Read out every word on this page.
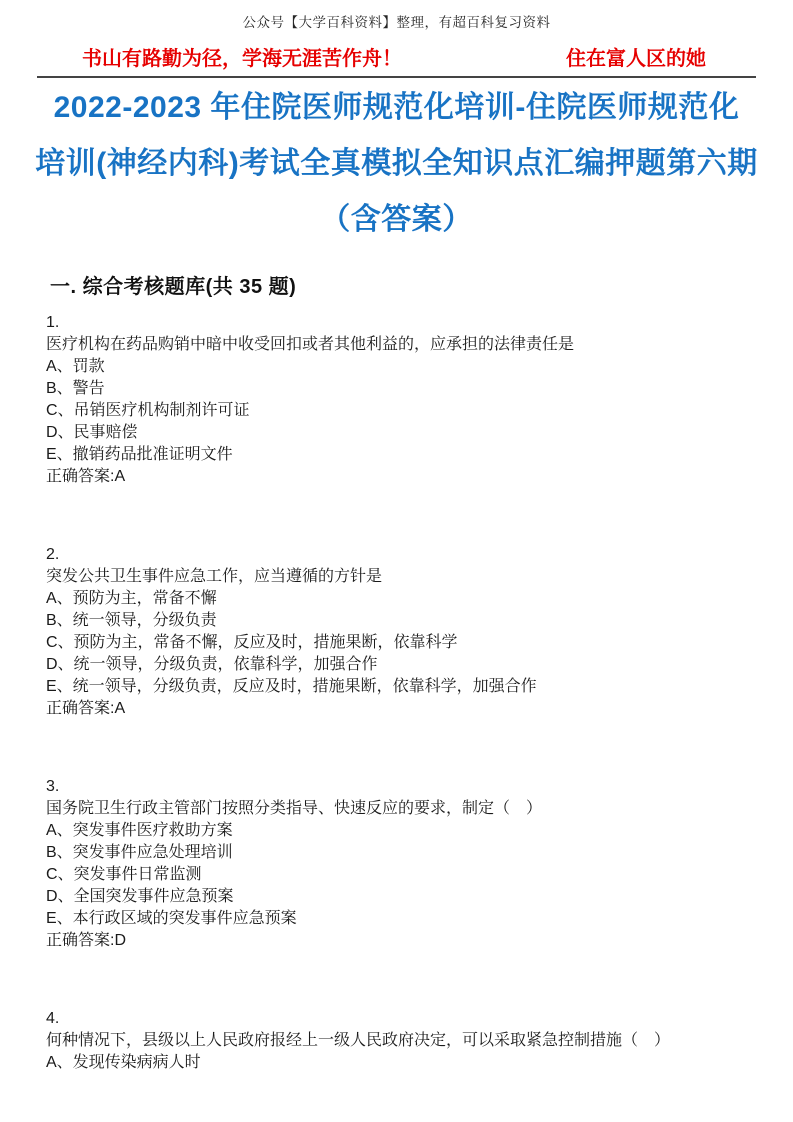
公众号【大学百科资料】整理，有超百科复习资料
书山有路勤为径，学海无涯苦作舟！	住在富人区的她
2022-2023 年住院医师规范化培训-住院医师规范化
培训(神经内科)考试全真模拟全知识点汇编押题第六期
（含答案）
一. 综合考核题库(共 35 题)
1.
医疗机构在药品购销中暗中收受回扣或者其他利益的，应承担的法律责任是
A、罚款
B、警告
C、吊销医疗机构制剂许可证
D、民事赔偿
E、撤销药品批准证明文件
正确答案:A
2.
突发公共卫生事件应急工作，应当遵循的方针是
A、预防为主，常备不懈
B、统一领导，分级负责
C、预防为主，常备不懈，反应及时，措施果断，依靠科学
D、统一领导，分级负责，依靠科学，加强合作
E、统一领导，分级负责，反应及时，措施果断，依靠科学，加强合作
正确答案:A
3.
国务院卫生行政主管部门按照分类指导、快速反应的要求，制定（　）
A、突发事件医疗救助方案
B、突发事件应急处理培训
C、突发事件日常监测
D、全国突发事件应急预案
E、本行政区域的突发事件应急预案
正确答案:D
4.
何种情况下，县级以上人民政府报经上一级人民政府决定，可以采取紧急控制措施（　）
A、发现传染病病人时
